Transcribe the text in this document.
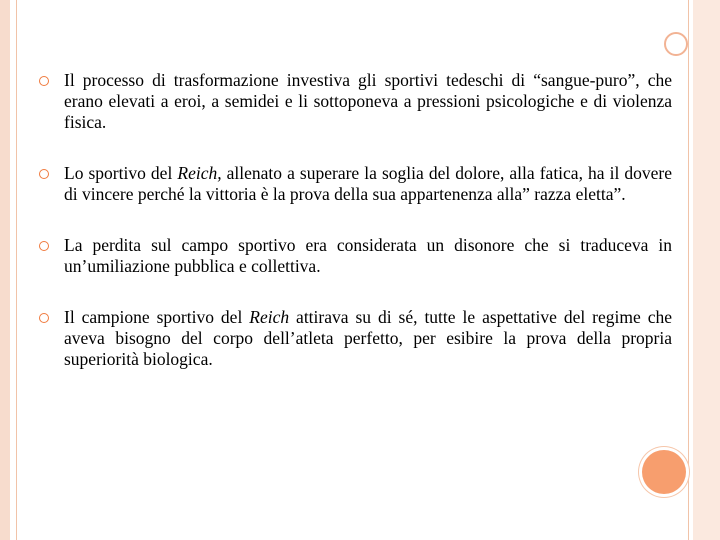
Il processo di trasformazione investiva gli sportivi tedeschi di “sangue-puro”, che erano elevati a eroi, a semidei e li sottoponeva a pressioni psicologiche e di violenza fisica.

Lo sportivo del Reich, allenato a superare la soglia del dolore, alla fatica, ha il dovere di vincere perché la vittoria è la prova della sua appartenenza alla” razza eletta”.

La perdita sul campo sportivo era considerata un disonore che si traduceva in un’umiliazione pubblica e collettiva.

Il campione sportivo del Reich attirava su di sé, tutte le aspettative del regime che aveva bisogno del corpo dell’atleta perfetto, per esibire la prova della propria superiorità biologica.
